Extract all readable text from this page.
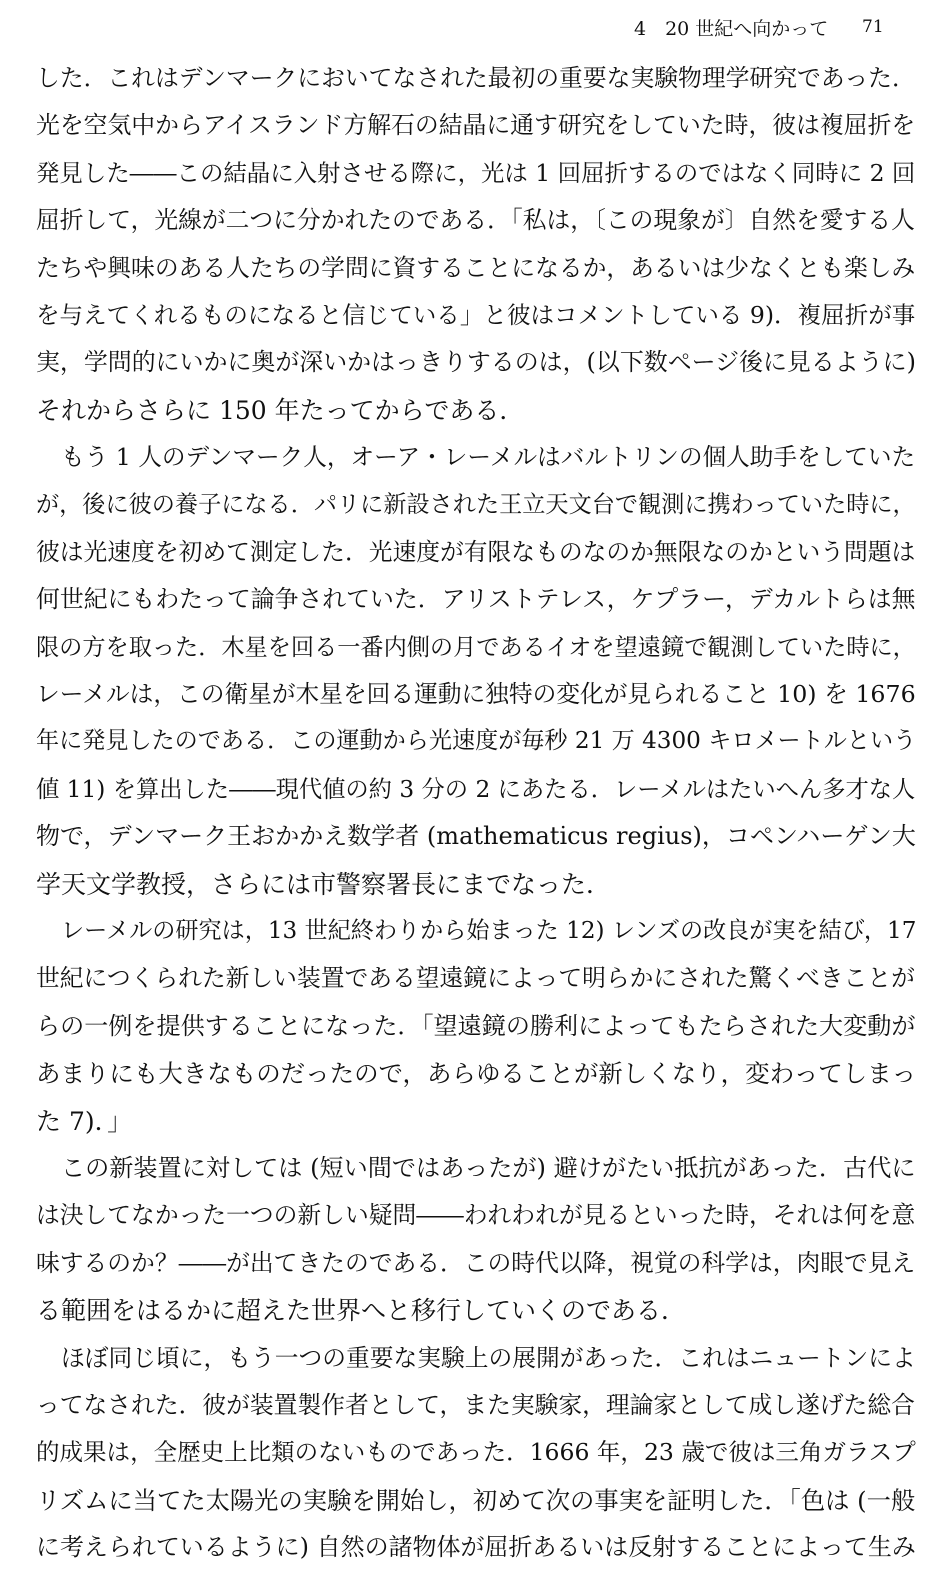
4　20 世紀へ向かって 71
した．これはデンマークにおいてなされた最初の重要な実験物理学研究であった．
光を空気中からアイスランド方解石の結晶に通す研究をしていた時，彼は複屈折を
発見した――この結晶に入射させる際に，光は 1 回屈折するのではなく同時に 2 回
屈折して，光線が二つに分かれたのである．「私は，〔この現象が〕自然を愛する人
たちや興味のある人たちの学問に資することになるか，あるいは少なくとも楽しみ
を与えてくれるものになると信じている」と彼はコメントしている 9)．複屈折が事
実，学問的にいかに奥が深いかはっきりするのは，(以下数ページ後に見るように)
それからさらに 150 年たってからである．
もう 1 人のデンマーク人，オーア・レーメルはバルトリンの個人助手をしていた
が，後に彼の養子になる．パリに新設された王立天文台で観測に携わっていた時に，
彼は光速度を初めて測定した．光速度が有限なものなのか無限なのかという問題は
何世紀にもわたって論争されていた．アリストテレス，ケプラー，デカルトらは無
限の方を取った．木星を回る一番内側の月であるイオを望遠鏡で観測していた時に，
レーメルは，この衛星が木星を回る運動に独特の変化が見られること 10) を 1676
年に発見したのである．この運動から光速度が毎秒 21 万 4300 キロメートルという
値 11) を算出した――現代値の約 3 分の 2 にあたる．レーメルはたいへん多才な人
物で，デンマーク王おかかえ数学者 (mathematicus regius)，コペンハーゲン大
学天文学教授，さらには市警察署長にまでなった．
レーメルの研究は，13 世紀終わりから始まった 12) レンズの改良が実を結び，17
世紀につくられた新しい装置である望遠鏡によって明らかにされた驚くべきことが
らの一例を提供することになった．「望遠鏡の勝利によってもたらされた大変動が
あまりにも大きなものだったので，あらゆることが新しくなり，変わってしまっ
た 7)．」
この新装置に対しては (短い間ではあったが) 避けがたい抵抗があった．古代に
は決してなかった一つの新しい疑問――われわれが見るといった時，それは何を意
味するのか？――が出てきたのである．この時代以降，視覚の科学は，肉眼で見え
る範囲をはるかに超えた世界へと移行していくのである．
ほぼ同じ頃に，もう一つの重要な実験上の展開があった．これはニュートンによ
ってなされた．彼が装置製作者として，また実験家，理論家として成し遂げた総合
的成果は，全歴史上比類のないものであった．1666 年，23 歳で彼は三角ガラスプ
リズムに当てた太陽光の実験を開始し，初めて次の事実を証明した．「色は (一般
に考えられているように) 自然の諸物体が屈折あるいは反射することによって生み
